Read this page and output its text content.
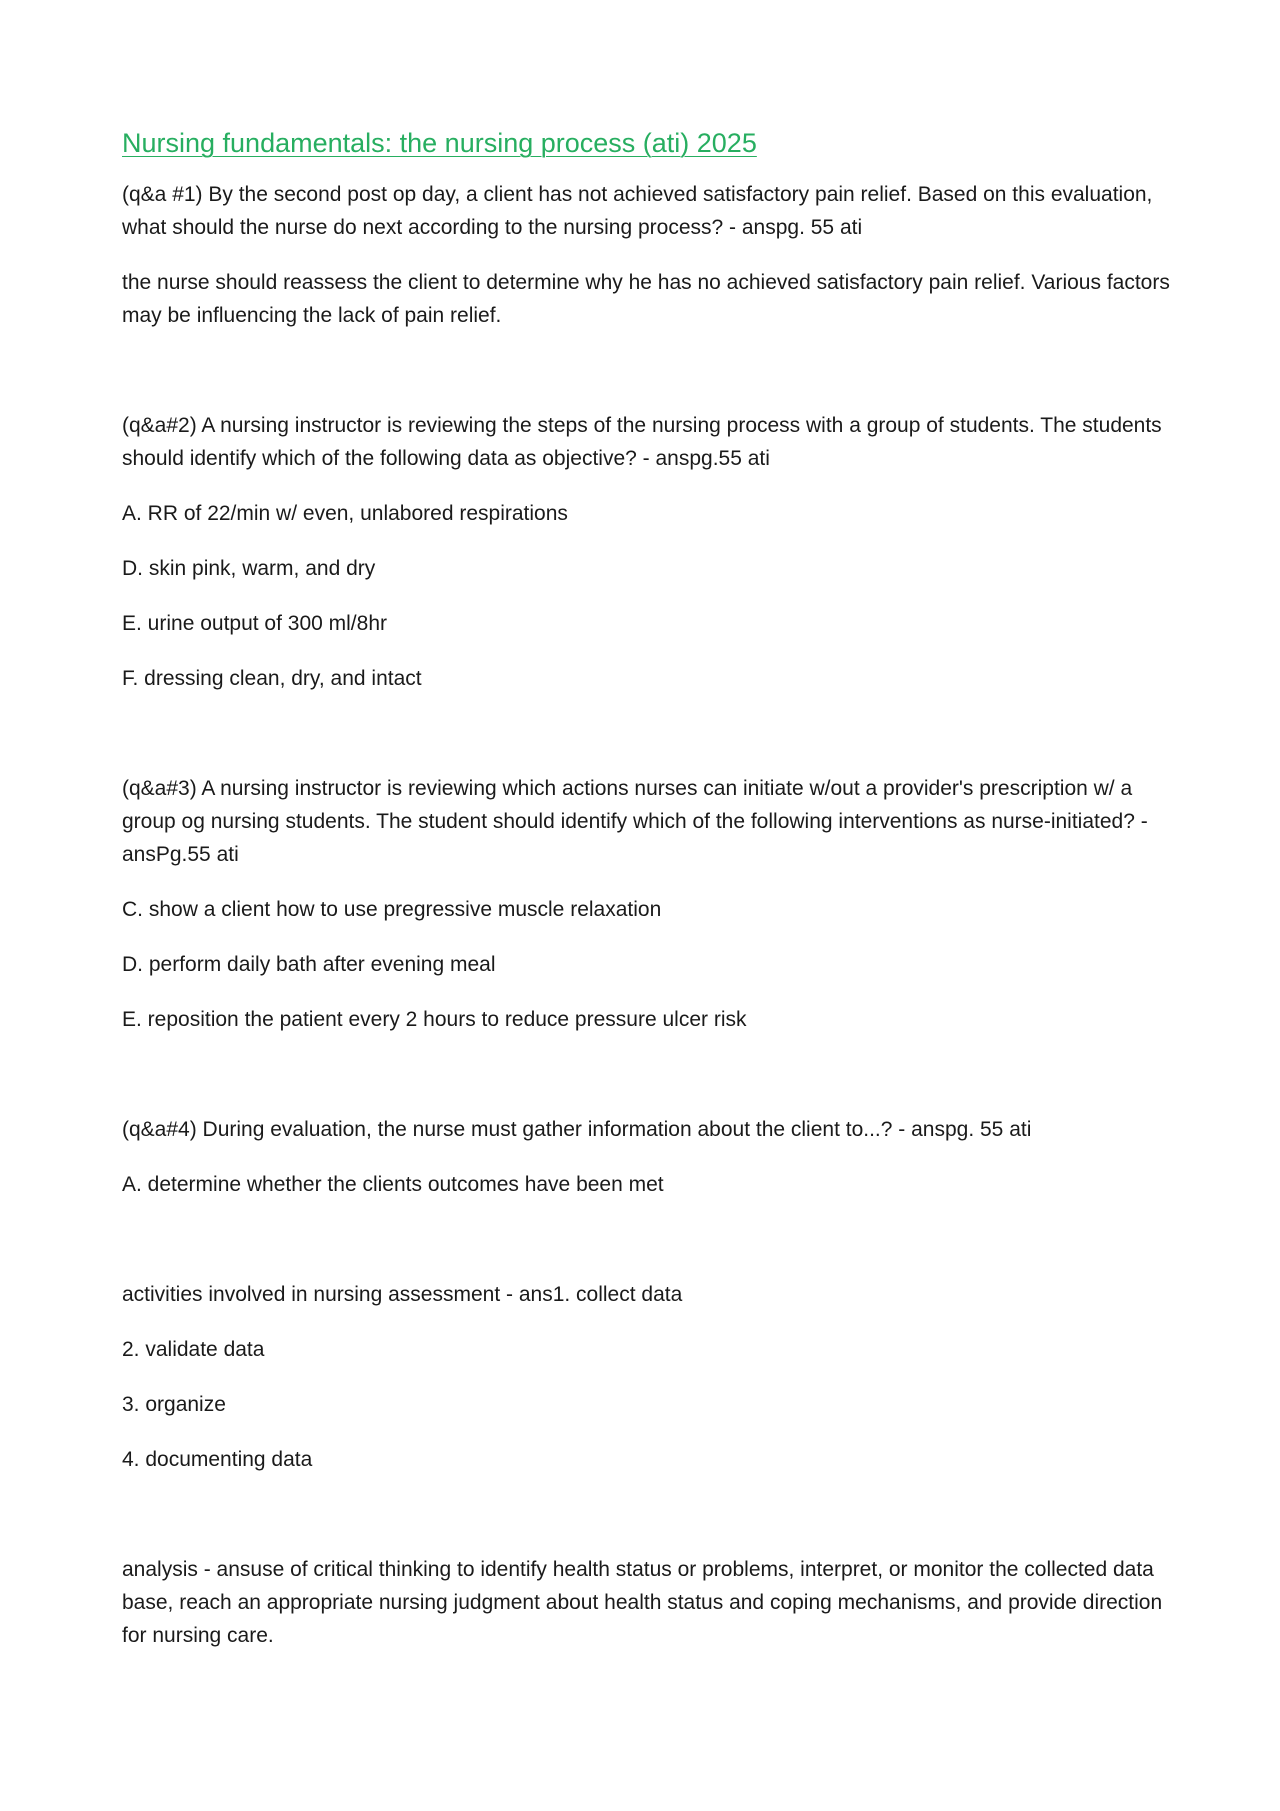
Nursing fundamentals: the nursing process (ati) 2025

(q&a #1) By the second post op day, a client has not achieved satisfactory pain relief. Based on this evaluation, what should the nurse do next according to the nursing process? - anspg. 55 ati

the nurse should reassess the client to determine why he has no achieved satisfactory pain relief. Various factors may be influencing the lack of pain relief.

(q&a#2) A nursing instructor is reviewing the steps of the nursing process with a group of students. The students should identify which of the following data as objective? - anspg.55 ati

A. RR of 22/min w/ even, unlabored respirations

D. skin pink, warm, and dry

E. urine output of 300 ml/8hr

F. dressing clean, dry, and intact

(q&a#3) A nursing instructor is reviewing which actions nurses can initiate w/out a provider's prescription w/ a group og nursing students. The student should identify which of the following interventions as nurse-initiated? - ansPg.55 ati

C. show a client how to use pregressive muscle relaxation

D. perform daily bath after evening meal

E. reposition the patient every 2 hours to reduce pressure ulcer risk

(q&a#4) During evaluation, the nurse must gather information about the client to...? - anspg. 55 ati

A. determine whether the clients outcomes have been met

activities involved in nursing assessment - ans1. collect data

2. validate data

3. organize

4. documenting data

analysis - ansuse of critical thinking to identify health status or problems, interpret, or monitor the collected data base, reach an appropriate nursing judgment about health status and coping mechanisms, and provide direction for nursing care.
